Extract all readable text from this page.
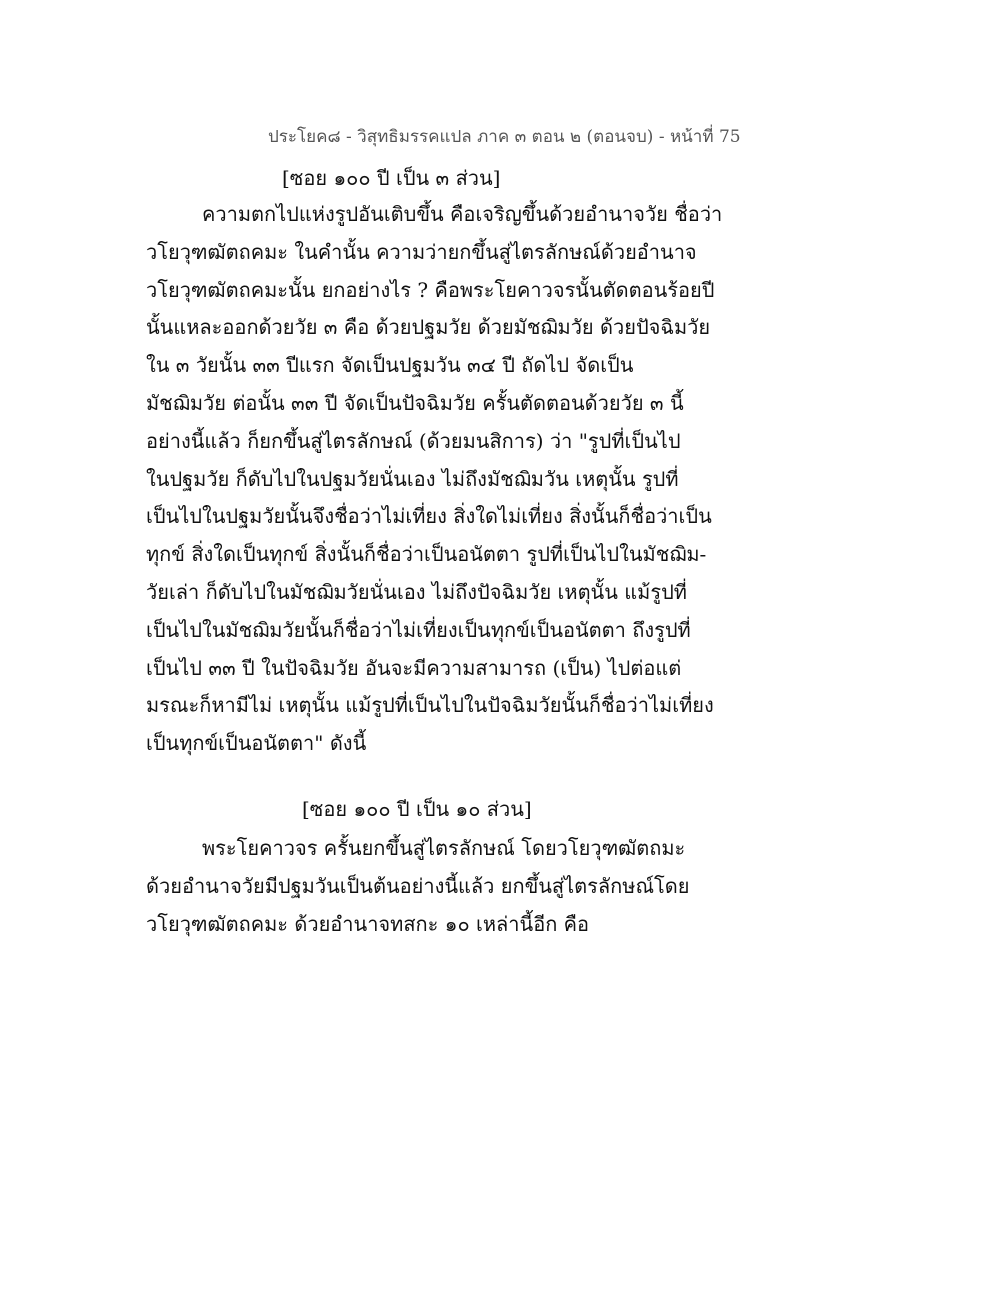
ประโยค๘ - วิสุทธิมรรคแปล ภาค ๓ ตอน ๒ (ตอนจบ) - หน้าที่ 75
[ซอย ๑๐๐ ปี เป็น ๓ ส่วน]
ความตกไปแห่งรูปอันเติบขึ้น คือเจริญขึ้นด้วยอำนาจวัย ชื่อว่า
วโยวุฑฒัตถคมะ ในคำนั้น ความว่ายกขึ้นสู่ไตรลักษณ์ด้วยอำนาจ
วโยวุฑฒัตถคมะนั้น ยกอย่างไร ? คือพระโยคาวจรนั้นตัดตอนร้อยปี
นั้นแหละออกด้วยวัย ๓ คือ ด้วยปฐมวัย ด้วยมัชฌิมวัย ด้วยปัจฉิมวัย
ใน ๓ วัยนั้น ๓๓ ปีแรก จัดเป็นปฐมวัน ๓๔ ปี ถัดไป จัดเป็น
มัชฌิมวัย ต่อนั้น ๓๓ ปี จัดเป็นปัจฉิมวัย ครั้นตัดตอนด้วยวัย ๓ นี้
อย่างนี้แล้ว ก็ยกขึ้นสู่ไตรลักษณ์ (ด้วยมนสิการ) ว่า "รูปที่เป็นไป
ในปฐมวัย ก็ดับไปในปฐมวัยนั่นเอง ไม่ถึงมัชฌิมวัน เหตุนั้น รูปที่
เป็นไปในปฐมวัยนั้นจึงชื่อว่าไม่เที่ยง สิ่งใดไม่เที่ยง สิ่งนั้นก็ชื่อว่าเป็น
ทุกข์ สิ่งใดเป็นทุกข์ สิ่งนั้นก็ชื่อว่าเป็นอนัตตา รูปที่เป็นไปในมัชฌิม-
วัยเล่า ก็ดับไปในมัชฌิมวัยนั่นเอง ไม่ถึงปัจฉิมวัย เหตุนั้น แม้รูปที่
เป็นไปในมัชฌิมวัยนั้นก็ชื่อว่าไม่เที่ยงเป็นทุกข์เป็นอนัตตา ถึงรูปที่
เป็นไป ๓๓ ปี ในปัจฉิมวัย อันจะมีความสามารถ (เป็น) ไปต่อแต่
มรณะก็หามีไม่ เหตุนั้น แม้รูปที่เป็นไปในปัจฉิมวัยนั้นก็ชื่อว่าไม่เที่ยง
เป็นทุกข์เป็นอนัตตา" ดังนี้
[ซอย ๑๐๐ ปี เป็น ๑๐ ส่วน]
พระโยคาวจร ครั้นยกขึ้นสู่ไตรลักษณ์ โดยวโยวุฑฒัตถมะ
ด้วยอำนาจวัยมีปฐมวันเป็นต้นอย่างนี้แล้ว ยกขึ้นสู่ไตรลักษณ์โดย
วโยวุฑฒัตถคมะ ด้วยอำนาจทสกะ ๑๐ เหล่านี้อีก คือ
